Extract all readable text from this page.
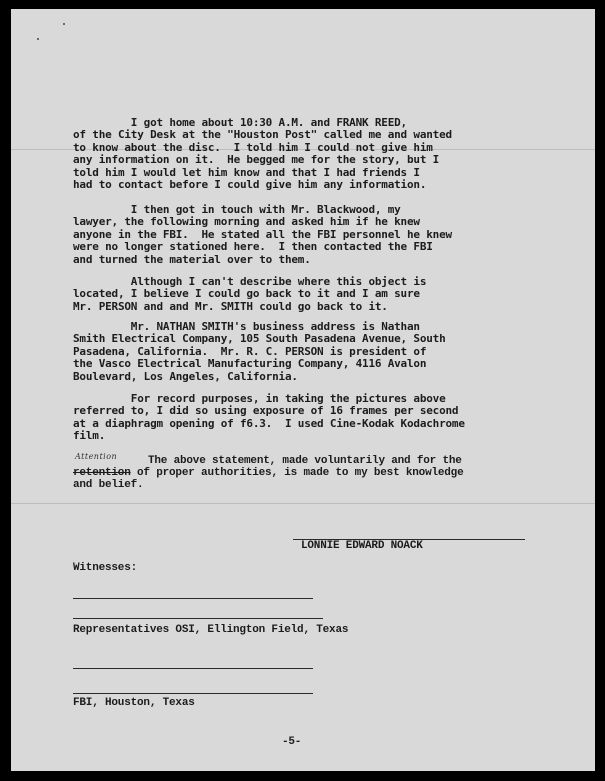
I got home about 10:30 A.M. and FRANK REED,
of the City Desk at the "Houston Post" called me and wanted
to know about the disc.  I told him I could not give him
any information on it.  He begged me for the story, but I
told him I would let him know and that I had friends I
had to contact before I could give him any information.
I then got in touch with Mr. Blackwood, my
lawyer, the following morning and asked him if he knew
anyone in the FBI.  He stated all the FBI personnel he knew
were no longer stationed here.  I then contacted the FBI
and turned the material over to them.
Although I can't describe where this object is
located, I believe I could go back to it and I am sure
Mr. PERSON and and Mr. SMITH could go back to it.
Mr. NATHAN SMITH's business address is Nathan
Smith Electrical Company, 105 South Pasadena Avenue, South
Pasadena, California.  Mr. R. C. PERSON is president of
the Vasco Electrical Manufacturing Company, 4116 Avalon
Boulevard, Los Angeles, California.
For record purposes, in taking the pictures above
referred to, I did so using exposure of 16 frames per second
at a diaphragm opening of f6.3.  I used Cine-Kodak Kodachrome
film.
Attention	The above statement, made voluntarily and for the
retention of proper authorities, is made to my best knowledge
and belief.
LONNIE EDWARD NOACK
Witnesses:
Representatives OSI, Ellington Field, Texas
FBI, Houston, Texas
-5-
